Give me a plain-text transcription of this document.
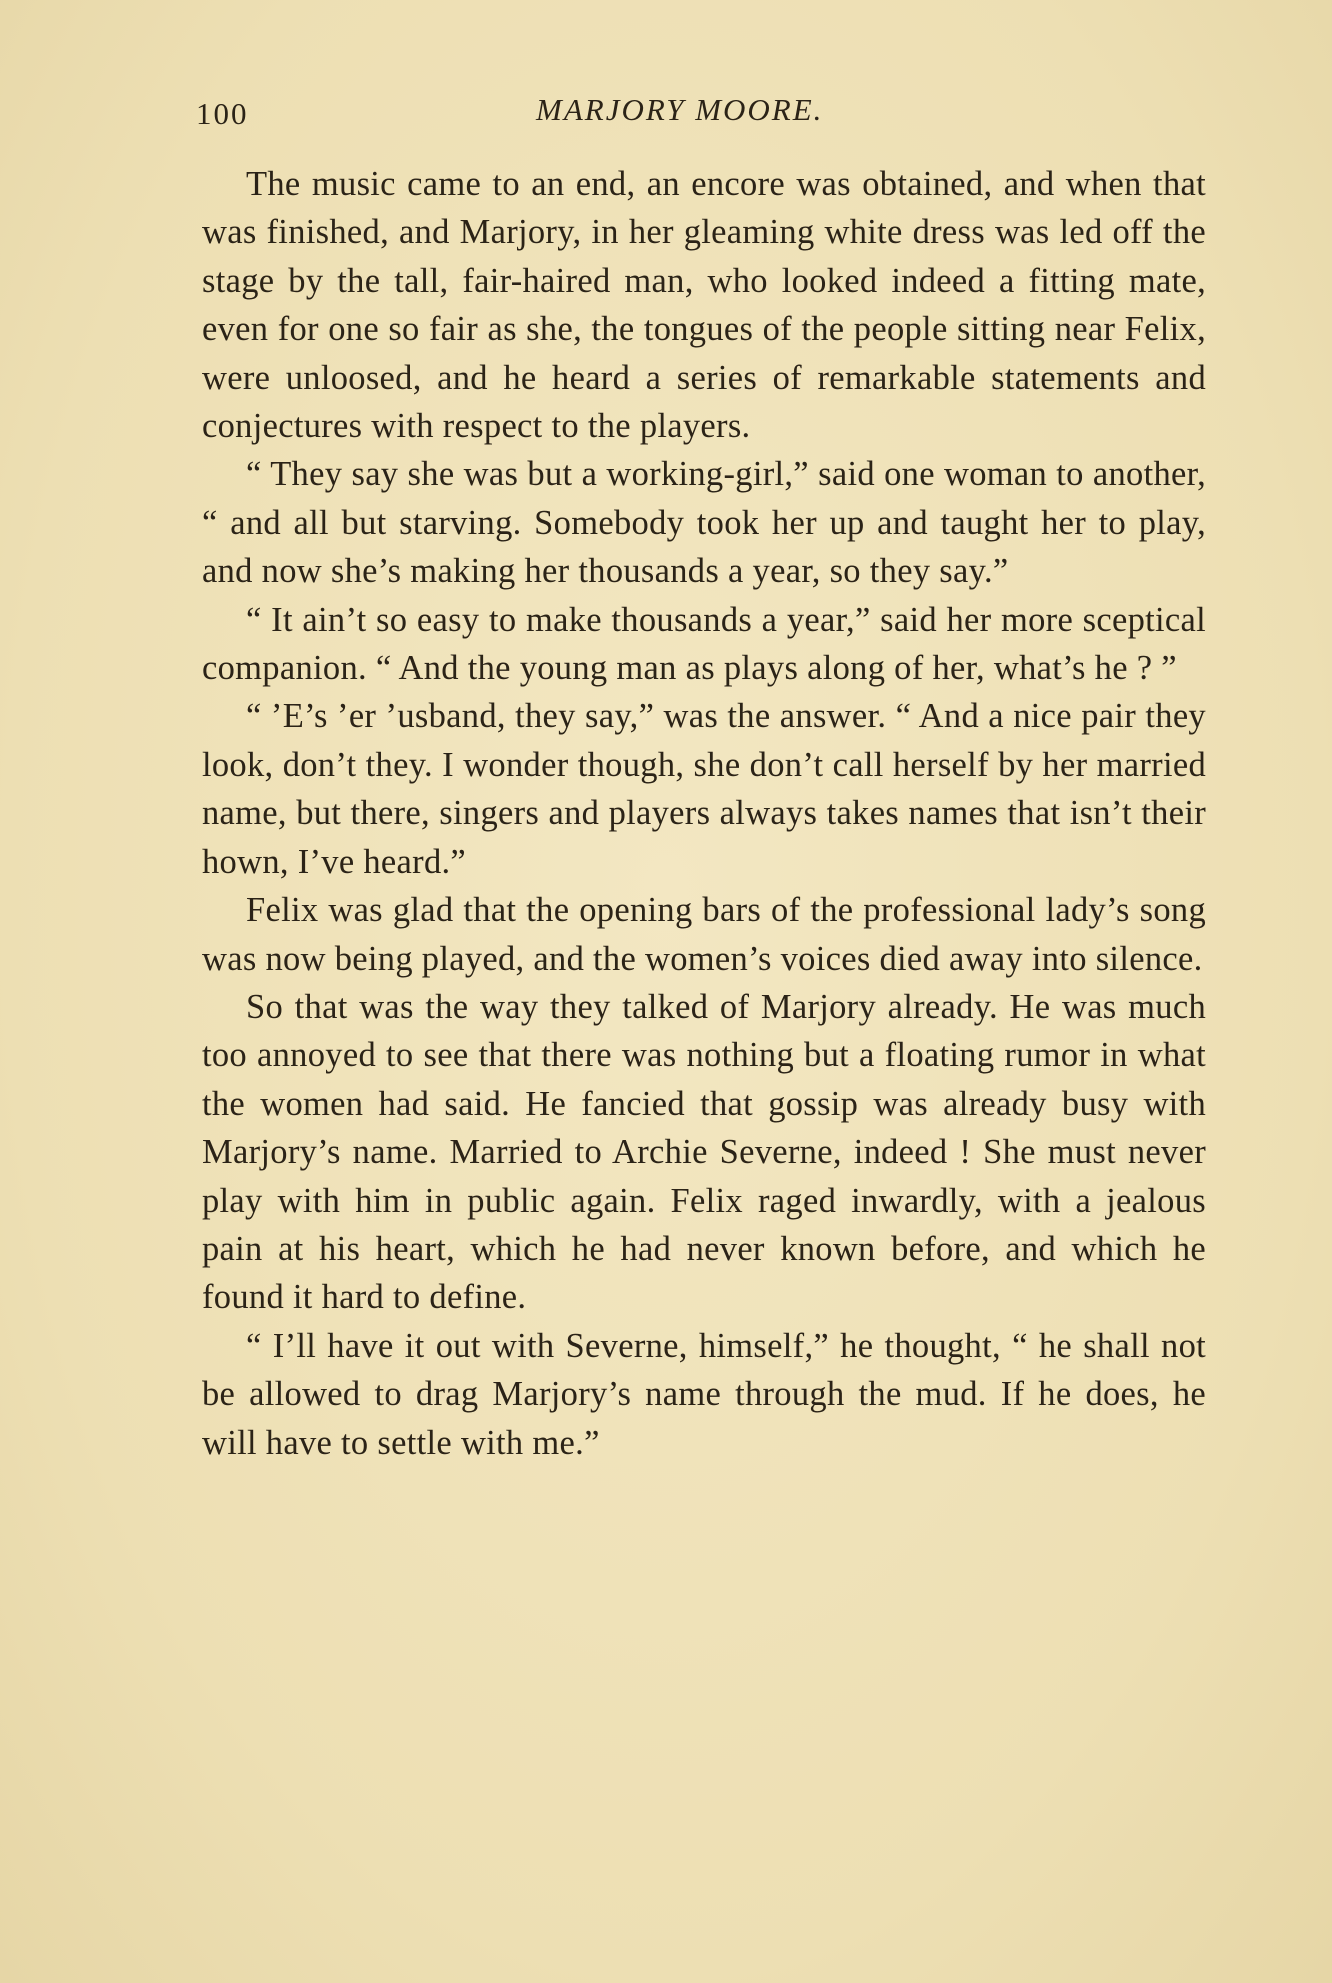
100	MARJORY MOORE.

The music came to an end, an encore was obtained, and when that was finished, and Marjory, in her gleaming white dress was led off the stage by the tall, fair-haired man, who looked indeed a fitting mate, even for one so fair as she, the tongues of the people sitting near Felix, were unloosed, and he heard a series of remarkable statements and conjectures with respect to the players.

“ They say she was but a working-girl,” said one woman to another, “ and all but starving. Somebody took her up and taught her to play, and now she’s making her thousands a year, so they say.”

“ It ain’t so easy to make thousands a year,” said her more sceptical companion. “ And the young man as plays along of her, what’s he ? ”

“ ’E’s ’er ’usband, they say,” was the answer. “ And a nice pair they look, don’t they. I wonder though, she don’t call herself by her married name, but there, singers and players always takes names that isn’t their hown, I’ve heard.”

Felix was glad that the opening bars of the professional lady’s song was now being played, and the women’s voices died away into silence.

So that was the way they talked of Marjory already. He was much too annoyed to see that there was nothing but a floating rumor in what the women had said. He fancied that gossip was already busy with Marjory’s name. Married to Archie Severne, indeed ! She must never play with him in public again. Felix raged inwardly, with a jealous pain at his heart, which he had never known before, and which he found it hard to define.

“ I’ll have it out with Severne, himself,” he thought, “ he shall not be allowed to drag Marjory’s name through the mud. If he does, he will have to settle with me.”
